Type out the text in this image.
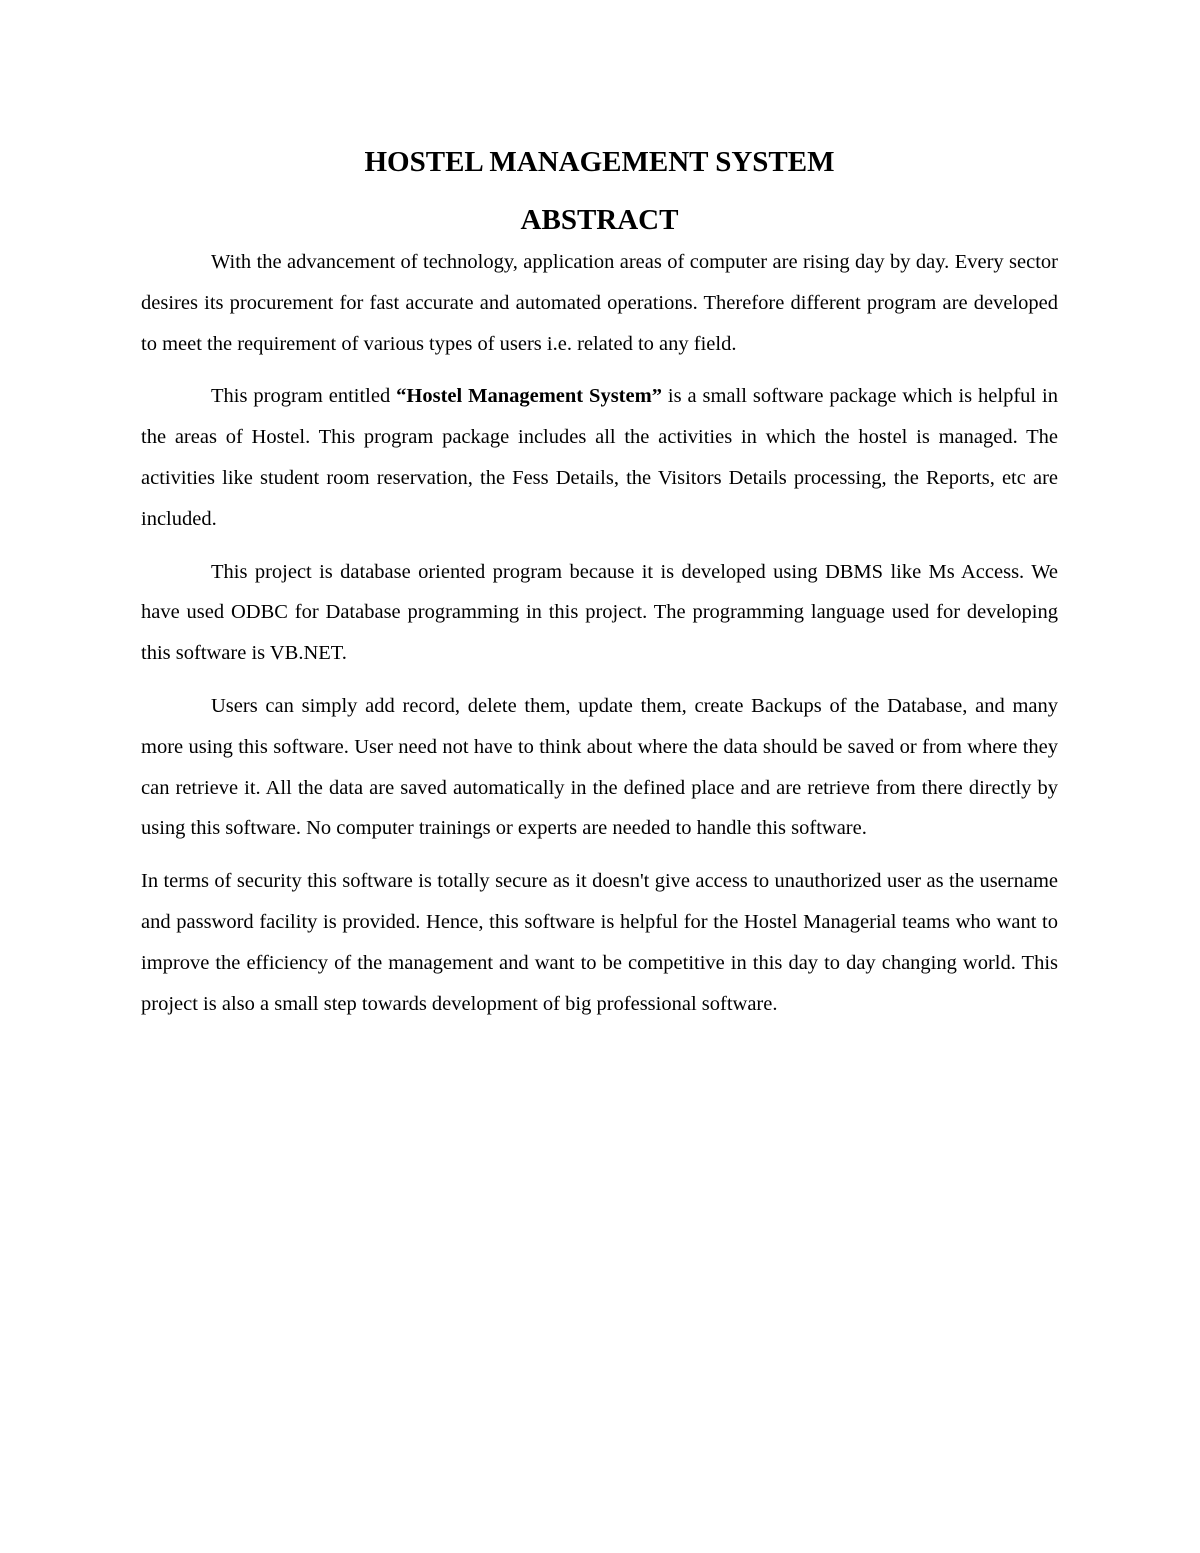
HOSTEL MANAGEMENT SYSTEM
ABSTRACT

With the advancement of technology, application areas of computer are rising day by day. Every sector desires its procurement for fast accurate and automated operations. Therefore different program are developed to meet the requirement of various types of users i.e. related to any field.

This program entitled “Hostel Management System” is a small software package which is helpful in the areas of Hostel. This program package includes all the activities in which the hostel is managed. The activities like student room reservation, the Fess Details, the Visitors Details processing, the Reports, etc are included.

This project is database oriented program because it is developed using DBMS like Ms Access. We have used ODBC for Database programming in this project. The programming language used for developing this software is VB.NET.

Users can simply add record, delete them, update them, create Backups of the Database, and many more using this software. User need not have to think about where the data should be saved or from where they can retrieve it. All the data are saved automatically in the defined place and are retrieve from there directly by using this software. No computer trainings or experts are needed to handle this software.

In terms of security this software is totally secure as it doesn't give access to unauthorized user as the username and password facility is provided. Hence, this software is helpful for the Hostel Managerial teams who want to improve the efficiency of the management and want to be competitive in this day to day changing world. This project is also a small step towards development of big professional software.
